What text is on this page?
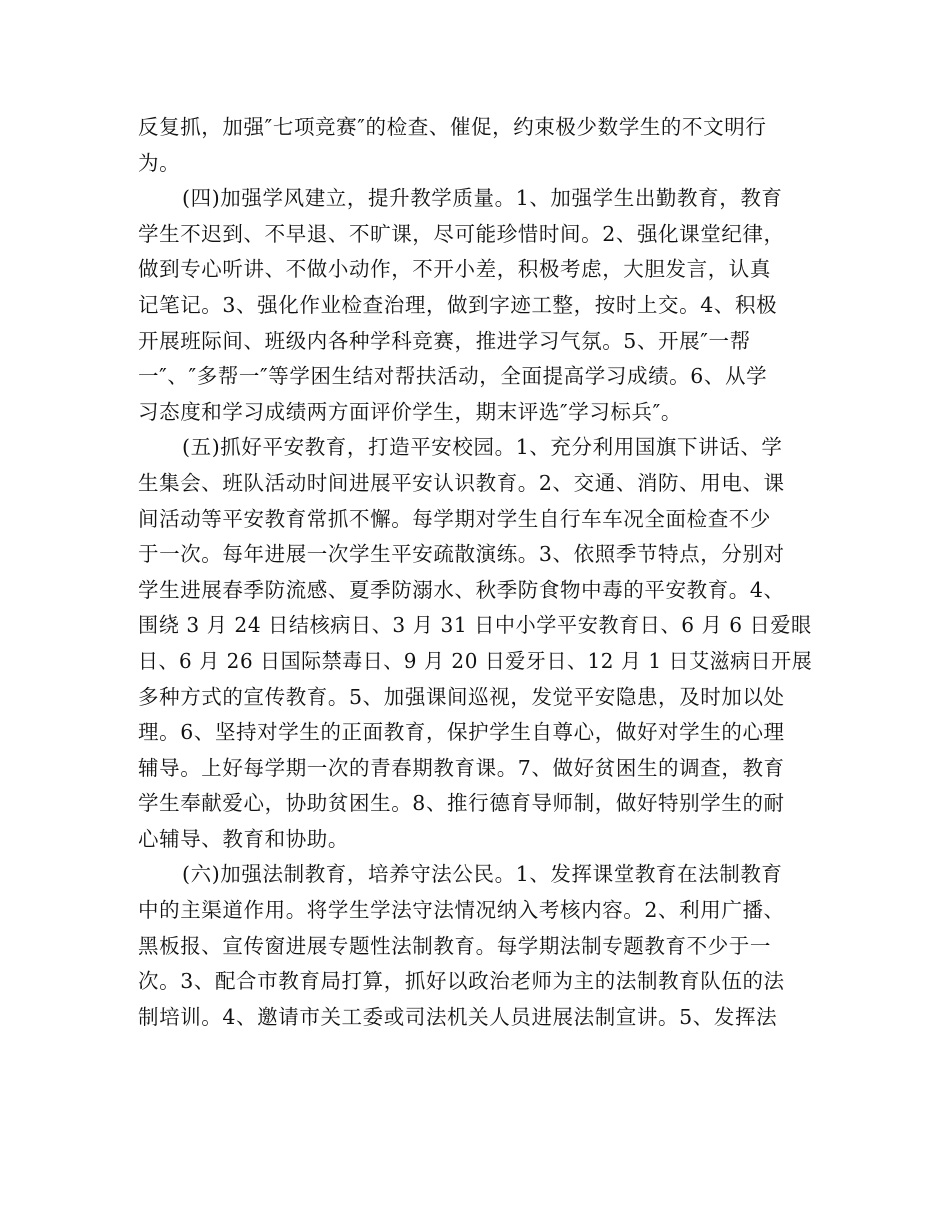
反复抓，加强″七项竞赛″的检查、催促，约束极少数学生的不文明行
为。
(四)加强学风建立，提升教学质量。1、加强学生出勤教育，教育
学生不迟到、不早退、不旷课，尽可能珍惜时间。2、强化课堂纪律，
做到专心听讲、不做小动作，不开小差，积极考虑，大胆发言，认真
记笔记。3、强化作业检查治理，做到字迹工整，按时上交。4、积极
开展班际间、班级内各种学科竞赛，推进学习气氛。5、开展″一帮
一″、″多帮一″等学困生结对帮扶活动，全面提高学习成绩。6、从学
习态度和学习成绩两方面评价学生，期末评选″学习标兵″。
(五)抓好平安教育，打造平安校园。1、充分利用国旗下讲话、学
生集会、班队活动时间进展平安认识教育。2、交通、消防、用电、课
间活动等平安教育常抓不懈。每学期对学生自行车车况全面检查不少
于一次。每年进展一次学生平安疏散演练。3、依照季节特点，分别对
学生进展春季防流感、夏季防溺水、秋季防食物中毒的平安教育。4、
围绕 3 月 24 日结核病日、3 月 31 日中小学平安教育日、6 月 6 日爱眼
日、6 月 26 日国际禁毒日、9 月 20 日爱牙日、12 月 1 日艾滋病日开展
多种方式的宣传教育。5、加强课间巡视，发觉平安隐患，及时加以处
理。6、坚持对学生的正面教育，保护学生自尊心，做好对学生的心理
辅导。上好每学期一次的青春期教育课。7、做好贫困生的调查，教育
学生奉献爱心，协助贫困生。8、推行德育导师制，做好特别学生的耐
心辅导、教育和协助。
(六)加强法制教育，培养守法公民。1、发挥课堂教育在法制教育
中的主渠道作用。将学生学法守法情况纳入考核内容。2、利用广播、
黑板报、宣传窗进展专题性法制教育。每学期法制专题教育不少于一
次。3、配合市教育局打算，抓好以政治老师为主的法制教育队伍的法
制培训。4、邀请市关工委或司法机关人员进展法制宣讲。5、发挥法
